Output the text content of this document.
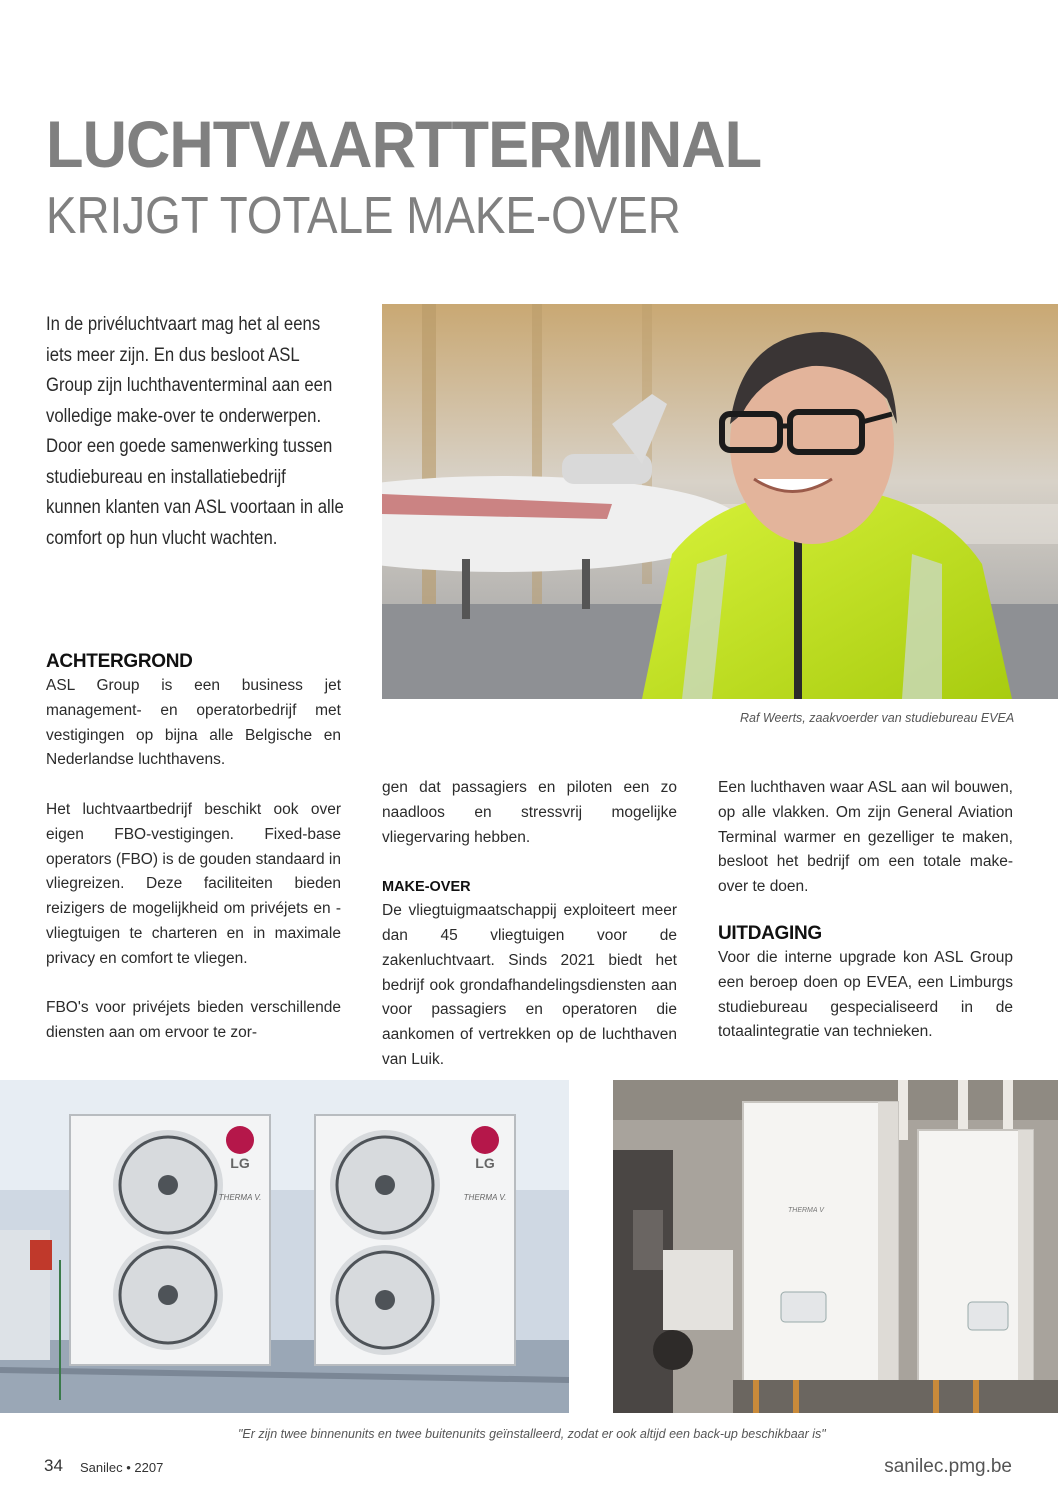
LUCHTVAARTTERMINAL
KRIJGT TOTALE MAKE-OVER
In de privéluchtvaart mag het al eens iets meer zijn. En dus besloot ASL Group zijn luchthaventerminal aan een volledige make-over te onderwerpen. Door een goede samenwerking tussen studiebureau en installatiebedrijf kunnen klanten van ASL voortaan in alle comfort op hun vlucht wachten.
Raf Weerts, zaakvoerder van studiebureau EVEA
ACHTERGROND

ASL Group is een business jet management- en operatorbedrijf met vestigingen op bijna alle Belgische en Nederlandse luchthavens.

Het luchtvaartbedrijf beschikt ook over eigen FBO-vestigingen. Fixed-base operators (FBO) is de gouden standaard in vliegreizen. Deze faciliteiten bieden reizigers de mogelijkheid om privéjets en -vliegtuigen te charteren en in maximale privacy en comfort te vliegen.

FBO's voor privéjets bieden verschillende diensten aan om ervoor te zor-

gen dat passagiers en piloten een zo naadloos en stressvrij mogelijke vliegervaring hebben.

MAKE-OVER

De vliegtuigmaatschappij exploiteert meer dan 45 vliegtuigen voor de zakenluchtvaart. Sinds 2021 biedt het bedrijf ook grondafhandelingsdiensten aan voor passagiers en operatoren die aankomen of vertrekken op de luchthaven van Luik.

Een luchthaven waar ASL aan wil bouwen, op alle vlakken. Om zijn General Aviation Terminal warmer en gezelliger te maken, besloot het bedrijf om een totale make-over te doen.

UITDAGING

Voor die interne upgrade kon ASL Group een beroep doen op EVEA, een Limburgs studiebureau gespecialiseerd in de totaalintegratie van technieken.

LG
THERMA V.
LG
THERMA V.
THERMA V
"Er zijn twee binnenunits en twee buitenunits geïnstalleerd, zodat er ook altijd een back-up beschikbaar is"
34 Sanilec • 2207	sanilec.pmg.be
